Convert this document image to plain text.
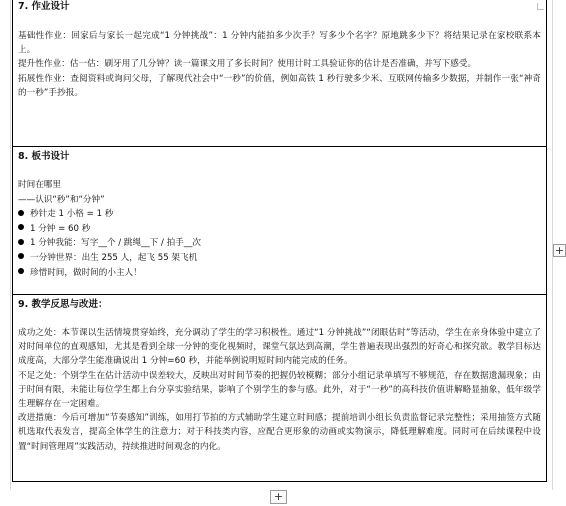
7. 作业设计

基础性作业：回家后与家长一起完成“1 分钟挑战”：1 分钟内能拍多少次手？写多少个名字？原地跳多少下？将结果记录在家校联系本上。

提升性作业：估一估：刷牙用了几分钟？读一篇课文用了多长时间？使用计时工具验证你的估计是否准确，并写下感受。

拓展性作业：查阅资料或询问父母，了解现代社会中“一秒”的价值，例如高铁 1 秒行驶多少米、互联网传输多少数据，并制作一张“神奇的一秒”手抄报。

8. 板书设计

时间在哪里

——认识“秒”和“分钟”

秒针走 1 小格 = 1 秒

1 分钟 = 60 秒

1 分钟我能：写字__个 / 跳绳__下 / 拍手__次

一分钟世界：出生 255 人，起飞 55 架飞机

珍惜时间，做时间的小主人！

9. 教学反思与改进：

成功之处：本节课以生活情境贯穿始终，充分调动了学生的学习积极性。通过“1 分钟挑战”“闭眼估时”等活动，学生在亲身体验中建立了对时间单位的直观感知，尤其是看到全球一分钟的变化视频时，课堂气氛达到高潮，学生普遍表现出强烈的好奇心和探究欲。教学目标达成度高，大部分学生能准确说出 1 分钟=60 秒，并能举例说明短时间内能完成的任务。

不足之处：个别学生在估计活动中误差较大，反映出对时间节奏的把握仍较模糊；部分小组记录单填写不够规范，存在数据遗漏现象；由于时间有限，未能让每位学生都上台分享实验结果，影响了个别学生的参与感。此外，对于“一秒”的高科技价值讲解略显抽象，低年级学生理解存在一定困难。

改进措施：今后可增加“节奏感知”训练，如用打节拍的方式辅助学生建立时间感；提前培训小组长负责监督记录完整性；采用抽签方式随机选取代表发言，提高全体学生的注意力；对于科技类内容，应配合更形象的动画或实物演示，降低理解难度。同时可在后续课程中设置“时间管理周”实践活动，持续推进时间观念的内化。

+
+
